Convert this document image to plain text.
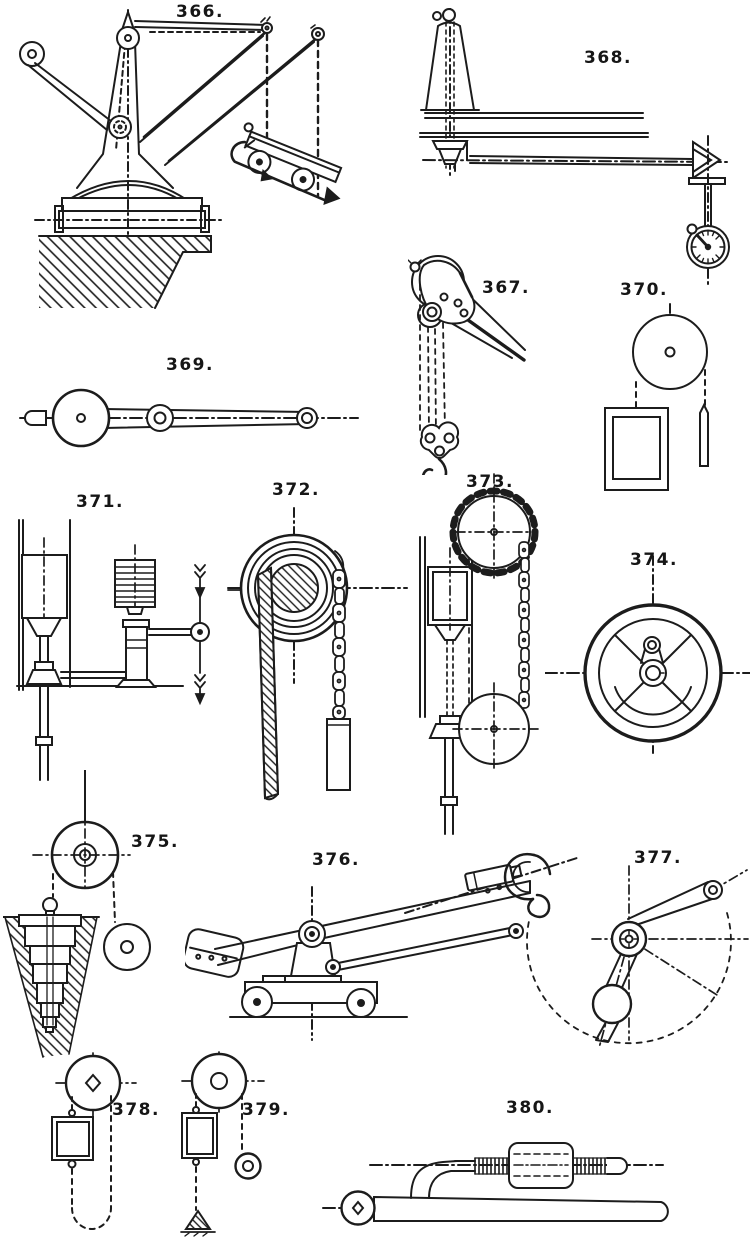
366.
368.
367.	370.
369.
371.
372.	373.
374.
375.
376.	377.
378.	379.	380.
